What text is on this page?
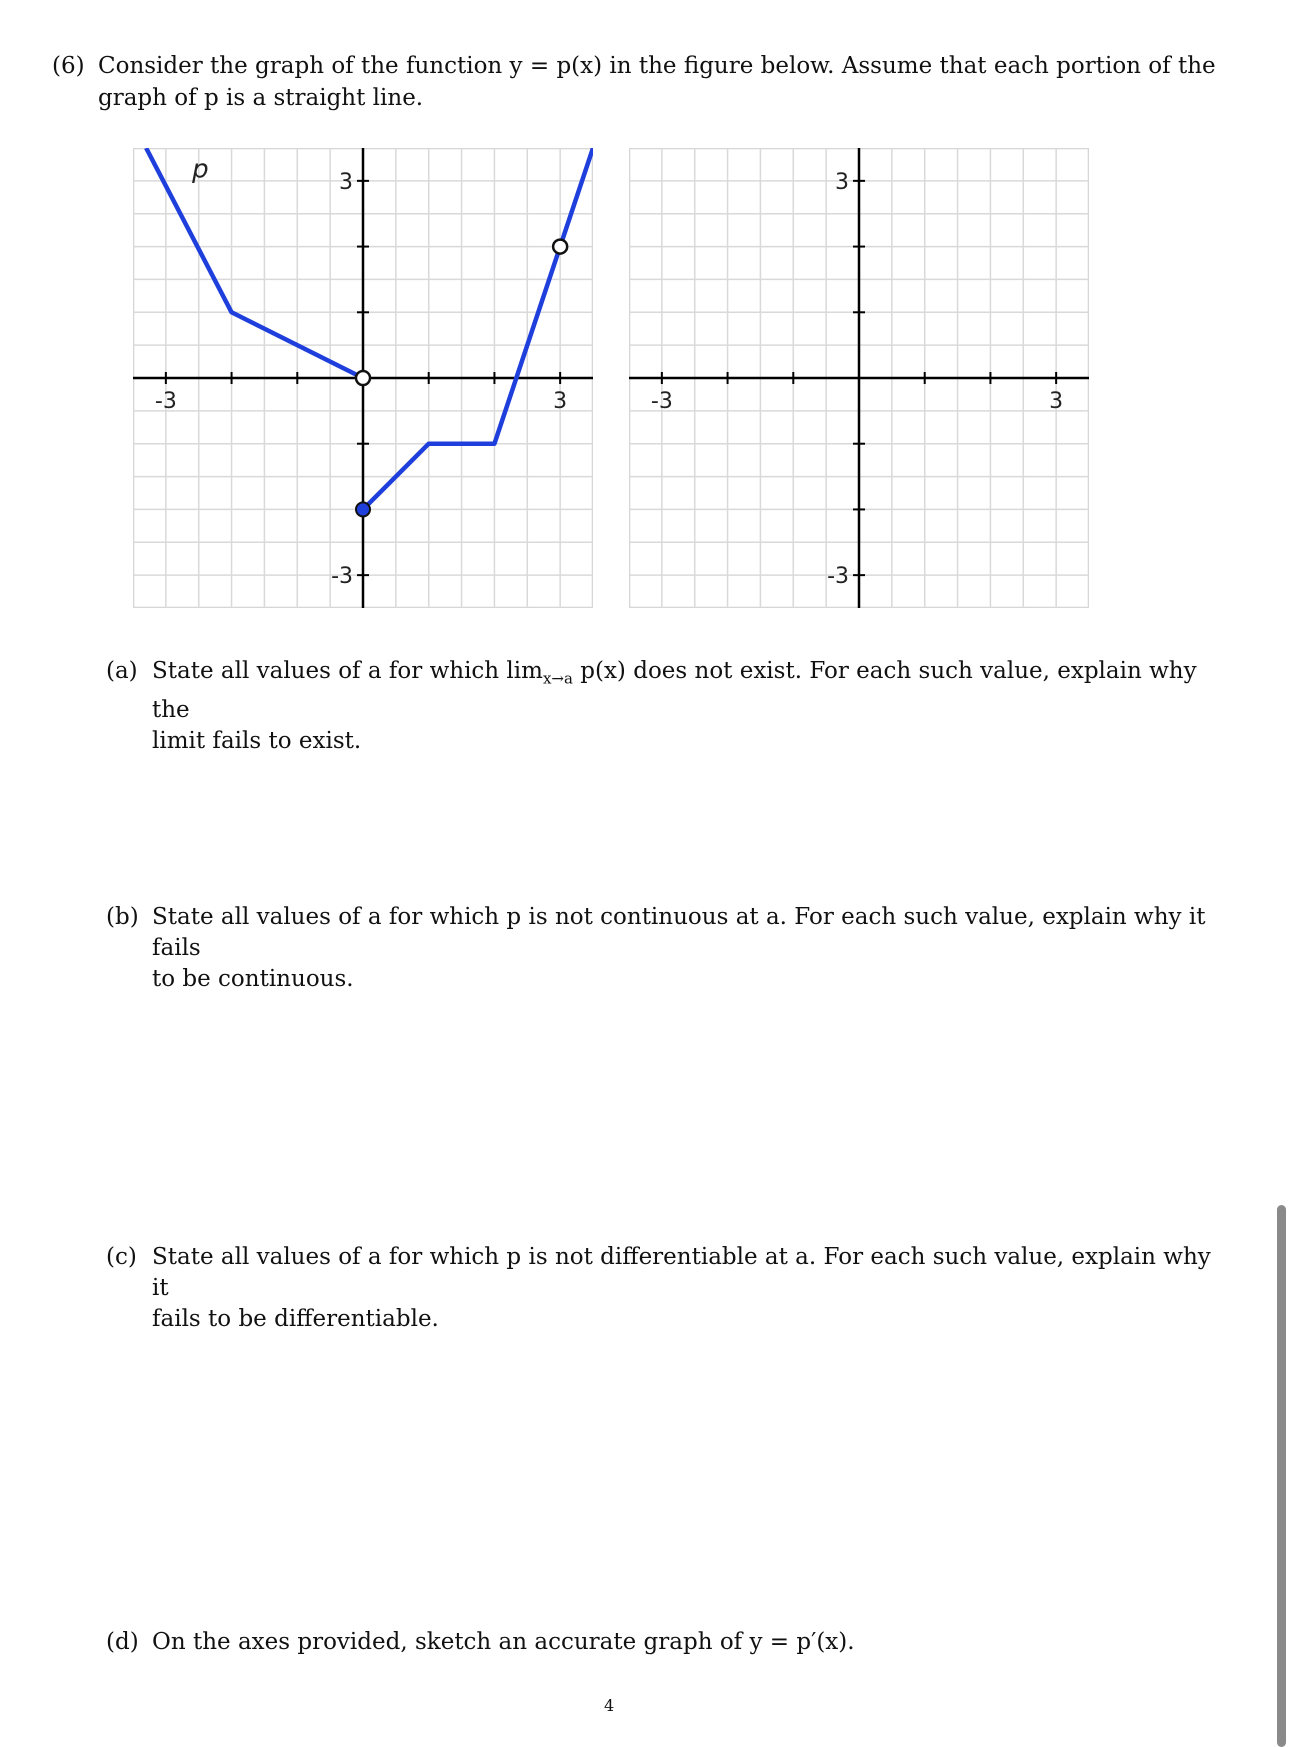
(6) Consider the graph of the function y = p(x) in the figure below. Assume that each portion of the
graph of p is a straight line.
-3	3
3
-3
p
-3	3
3
-3
(a) State all values of a for which $\lim_{x\to a} p(x)$ does not exist. For each such value, explain why the
limit fails to exist.
(b) State all values of a for which p is not continuous at a. For each such value, explain why it fails
to be continuous.
(c) State all values of a for which p is not differentiable at a. For each such value, explain why it
fails to be differentiable.
(d) On the axes provided, sketch an accurate graph of y = p′(x).
4
